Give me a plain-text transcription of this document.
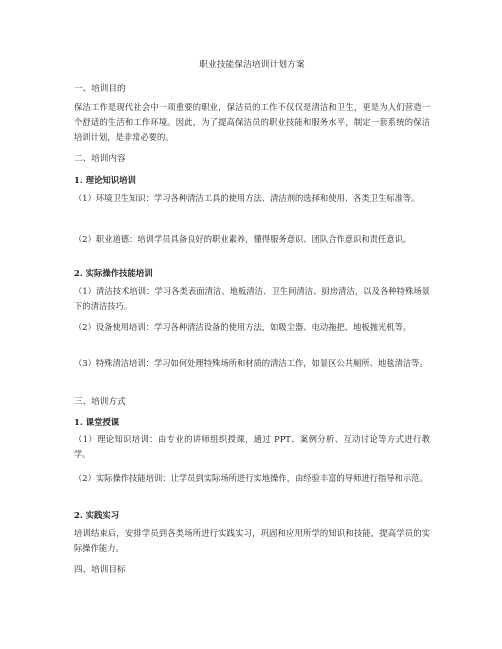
职业技能保洁培训计划方案
一、培训目的
保洁工作是现代社会中一项重要的职业，保洁员的工作不仅仅是清洁和卫生，更是为人们营造一个舒适的生活和工作环境。因此，为了提高保洁员的职业技能和服务水平，制定一套系统的保洁培训计划，是非常必要的。
二、培训内容
1. 理论知识培训
（1）环境卫生知识：学习各种清洁工具的使用方法、清洁剂的选择和使用、各类卫生标准等。
（2）职业道德：培训学员具备良好的职业素养，懂得服务意识、团队合作意识和责任意识。
2. 实际操作技能培训
（1）清洁技术培训：学习各类表面清洁、地板清洁、卫生间清洁、厨房清洁，以及各种特殊场景下的清洁技巧。
（2）设备使用培训：学习各种清洁设备的使用方法，如吸尘器、电动拖把、地板抛光机等。
（3）特殊清洁培训：学习如何处理特殊场所和材质的清洁工作，如景区公共厕所、地毯清洁等。
三、培训方式
1. 课堂授课
（1）理论知识培训：由专业的讲师组织授课，通过 PPT、案例分析、互动讨论等方式进行教学。
（2）实际操作技能培训：让学员到实际场所进行实地操作，由经验丰富的导师进行指导和示范。
2. 实践实习
培训结束后，安排学员到各类场所进行实践实习，巩固和应用所学的知识和技能，提高学员的实际操作能力。
四、培训目标
